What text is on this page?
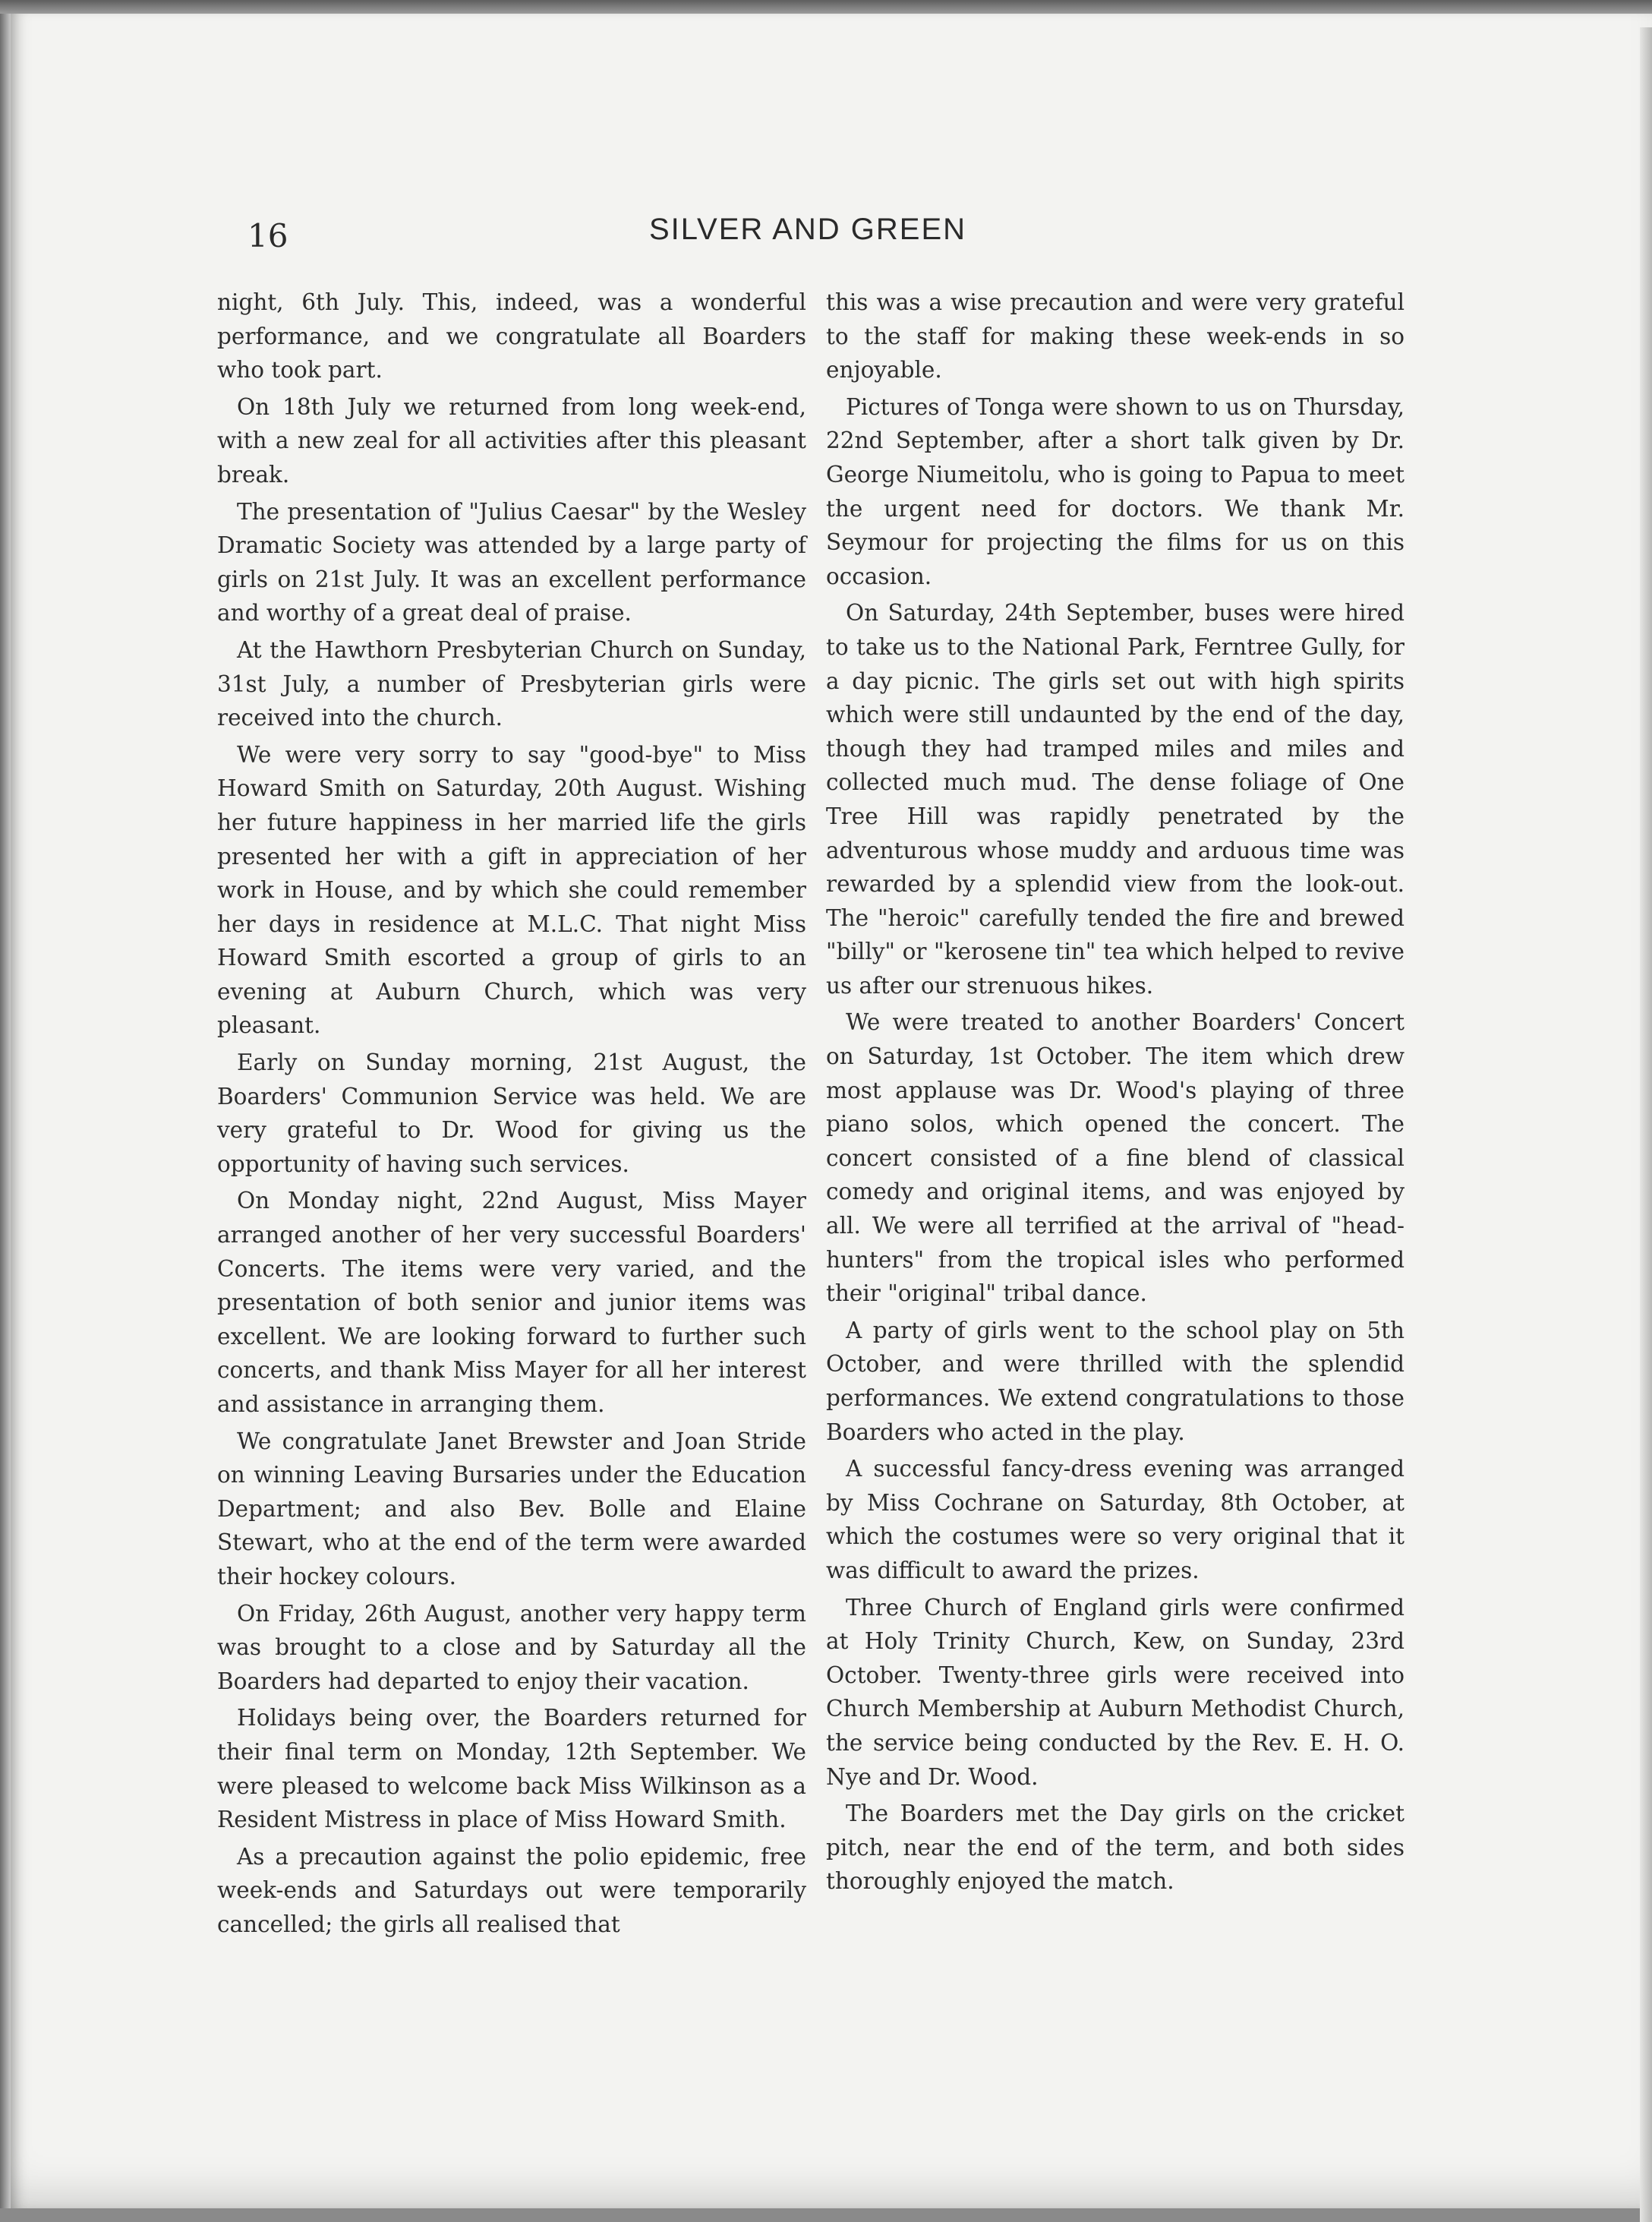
16	SILVER AND GREEN

night, 6th July. This, indeed, was a wonderful performance, and we congratulate all Boarders who took part.

On 18th July we returned from long week-end, with a new zeal for all activities after this pleasant break.

The presentation of "Julius Caesar" by the Wesley Dramatic Society was attended by a large party of girls on 21st July. It was an excellent performance and worthy of a great deal of praise.

At the Hawthorn Presbyterian Church on Sunday, 31st July, a number of Presbyterian girls were received into the church.

We were very sorry to say "good-bye" to Miss Howard Smith on Saturday, 20th August. Wishing her future happiness in her married life the girls presented her with a gift in appreciation of her work in House, and by which she could remember her days in residence at M.L.C. That night Miss Howard Smith escorted a group of girls to an evening at Auburn Church, which was very pleasant.

Early on Sunday morning, 21st August, the Boarders' Communion Service was held. We are very grateful to Dr. Wood for giving us the opportunity of having such services.

On Monday night, 22nd August, Miss Mayer arranged another of her very successful Boarders' Concerts. The items were very varied, and the presentation of both senior and junior items was excellent. We are looking forward to further such concerts, and thank Miss Mayer for all her interest and assistance in arranging them.

We congratulate Janet Brewster and Joan Stride on winning Leaving Bursaries under the Education Department; and also Bev. Bolle and Elaine Stewart, who at the end of the term were awarded their hockey colours.

On Friday, 26th August, another very happy term was brought to a close and by Saturday all the Boarders had departed to enjoy their vacation.

Holidays being over, the Boarders returned for their final term on Monday, 12th September. We were pleased to welcome back Miss Wilkinson as a Resident Mistress in place of Miss Howard Smith.

As a precaution against the polio epidemic, free week-ends and Saturdays out were temporarily cancelled; the girls all realised that

this was a wise precaution and were very grateful to the staff for making these week-ends in so enjoyable.

Pictures of Tonga were shown to us on Thursday, 22nd September, after a short talk given by Dr. George Niumeitolu, who is going to Papua to meet the urgent need for doctors. We thank Mr. Seymour for projecting the films for us on this occasion.

On Saturday, 24th September, buses were hired to take us to the National Park, Ferntree Gully, for a day picnic. The girls set out with high spirits which were still undaunted by the end of the day, though they had tramped miles and miles and collected much mud. The dense foliage of One Tree Hill was rapidly penetrated by the adventurous whose muddy and arduous time was rewarded by a splendid view from the look-out. The "heroic" carefully tended the fire and brewed "billy" or "kerosene tin" tea which helped to revive us after our strenuous hikes.

We were treated to another Boarders' Concert on Saturday, 1st October. The item which drew most applause was Dr. Wood's playing of three piano solos, which opened the concert. The concert consisted of a fine blend of classical comedy and original items, and was enjoyed by all. We were all terrified at the arrival of "head-hunters" from the tropical isles who performed their "original" tribal dance.

A party of girls went to the school play on 5th October, and were thrilled with the splendid performances. We extend congratulations to those Boarders who acted in the play.

A successful fancy-dress evening was arranged by Miss Cochrane on Saturday, 8th October, at which the costumes were so very original that it was difficult to award the prizes.

Three Church of England girls were confirmed at Holy Trinity Church, Kew, on Sunday, 23rd October. Twenty-three girls were received into Church Membership at Auburn Methodist Church, the service being conducted by the Rev. E. H. O. Nye and Dr. Wood.

The Boarders met the Day girls on the cricket pitch, near the end of the term, and both sides thoroughly enjoyed the match.
